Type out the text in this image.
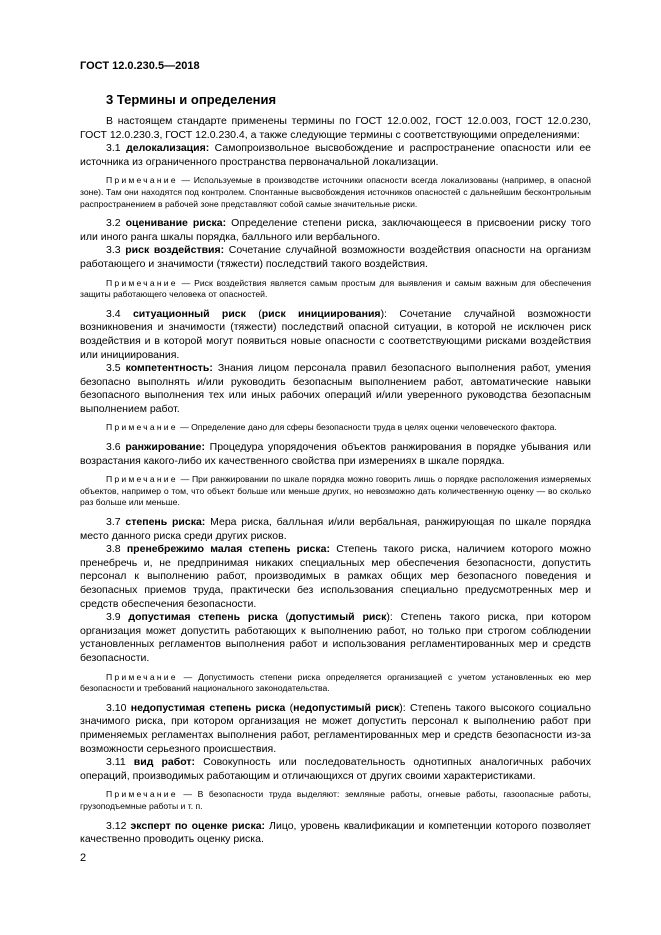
ГОСТ 12.0.230.5—2018
3 Термины и определения

В настоящем стандарте применены термины по ГОСТ 12.0.002, ГОСТ 12.0.003, ГОСТ 12.0.230, ГОСТ 12.0.230.3, ГОСТ 12.0.230.4, а также следующие термины с соответствующими определениями:

3.1 делокализация: Самопроизвольное высвобождение и распространение опасности или ее источника из ограниченного пространства первоначальной локализации.

Примечание — Используемые в производстве источники опасности всегда локализованы (например, в опасной зоне). Там они находятся под контролем. Спонтанные высвобождения источников опасностей с дальнейшим бесконтрольным распространением в рабочей зоне представляют собой самые значительные риски.

3.2 оценивание риска: Определение степени риска, заключающееся в присвоении риску того или иного ранга шкалы порядка, балльного или вербального.

3.3 риск воздействия: Сочетание случайной возможности воздействия опасности на организм работающего и значимости (тяжести) последствий такого воздействия.

Примечание — Риск воздействия является самым простым для выявления и самым важным для обеспечения защиты работающего человека от опасностей.

3.4 ситуационный риск (риск инициирования): Сочетание случайной возможности возникновения и значимости (тяжести) последствий опасной ситуации, в которой не исключен риск воздействия и в которой могут появиться новые опасности с соответствующими рисками воздействия или инициирования.

3.5 компетентность: Знания лицом персонала правил безопасного выполнения работ, умения безопасно выполнять и/или руководить безопасным выполнением работ, автоматические навыки безопасного выполнения тех или иных рабочих операций и/или уверенного руководства безопасным выполнением работ.

Примечание — Определение дано для сферы безопасности труда в целях оценки человеческого фактора.

3.6 ранжирование: Процедура упорядочения объектов ранжирования в порядке убывания или возрастания какого-либо их качественного свойства при измерениях в шкале порядка.

Примечание — При ранжировании по шкале порядка можно говорить лишь о порядке расположения измеряемых объектов, например о том, что объект больше или меньше других, но невозможно дать количественную оценку — во сколько раз больше или меньше.

3.7 степень риска: Мера риска, балльная и/или вербальная, ранжирующая по шкале порядка место данного риска среди других рисков.

3.8 пренебрежимо малая степень риска: Степень такого риска, наличием которого можно пренебречь и, не предпринимая никаких специальных мер обеспечения безопасности, допустить персонал к выполнению работ, производимых в рамках общих мер безопасного поведения и безопасных приемов труда, практически без использования специально предусмотренных мер и средств обеспечения безопасности.

3.9 допустимая степень риска (допустимый риск): Степень такого риска, при котором организация может допустить работающих к выполнению работ, но только при строгом соблюдении установленных регламентов выполнения работ и использования регламентированных мер и средств безопасности.

Примечание — Допустимость степени риска определяется организацией с учетом установленных ею мер безопасности и требований национального законодательства.

3.10 недопустимая степень риска (недопустимый риск): Степень такого высокого социально значимого риска, при котором организация не может допустить персонал к выполнению работ при применяемых регламентах выполнения работ, регламентированных мер и средств безопасности из-за возможности серьезного происшествия.

3.11 вид работ: Совокупность или последовательность однотипных аналогичных рабочих операций, производимых работающим и отличающихся от других своими характеристиками.

Примечание — В безопасности труда выделяют: земляные работы, огневые работы, газоопасные работы, грузоподъемные работы и т. п.

3.12 эксперт по оценке риска: Лицо, уровень квалификации и компетенции которого позволяет качественно проводить оценку риска.

2
